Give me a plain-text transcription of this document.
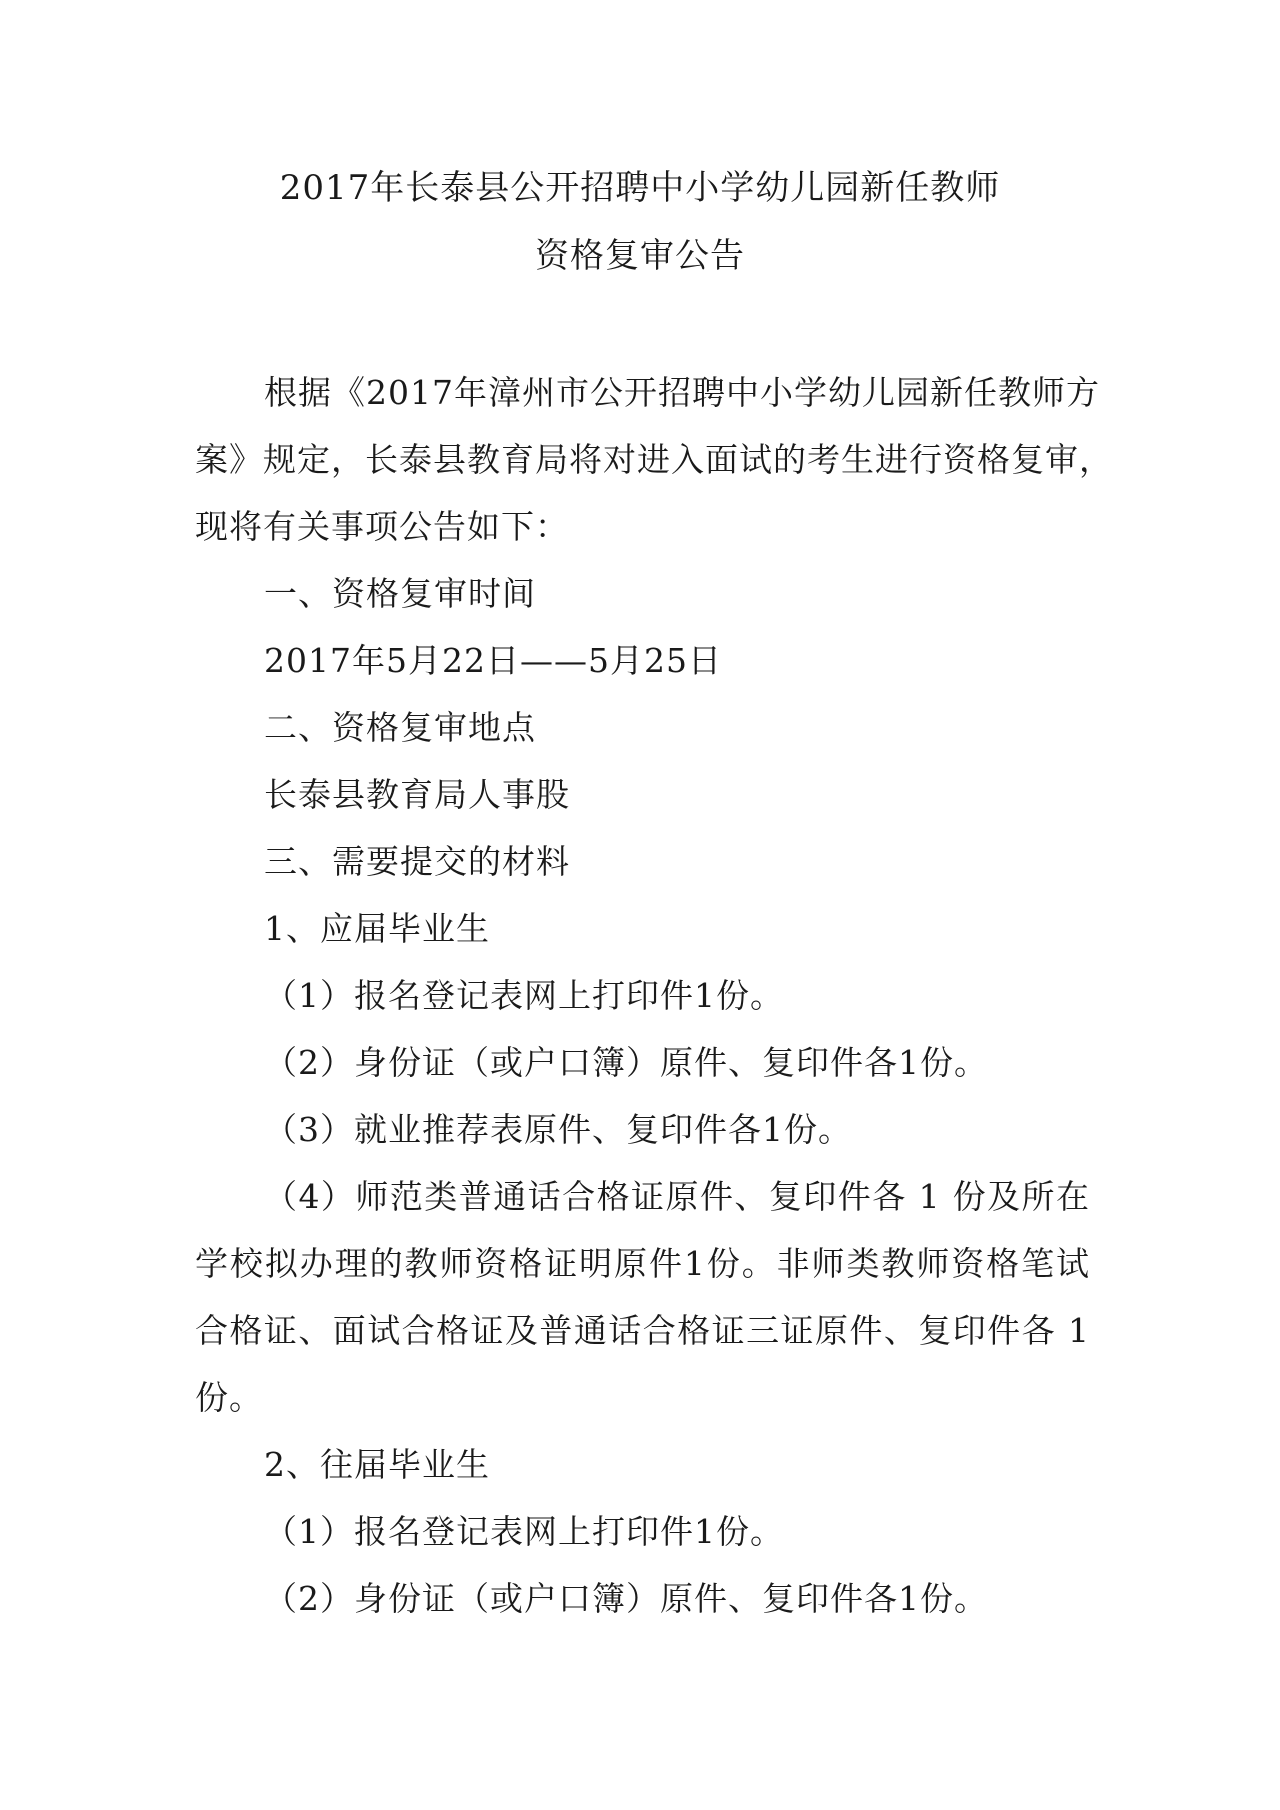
2017年长泰县公开招聘中小学幼儿园新任教师
资格复审公告
根据《2017年漳州市公开招聘中小学幼儿园新任教师方
案》规定，长泰县教育局将对进入面试的考生进行资格复审，
现将有关事项公告如下：
一、资格复审时间
2017年5月22日——5月25日
二、资格复审地点
长泰县教育局人事股
三、需要提交的材料
1、应届毕业生
（1）报名登记表网上打印件1份。
（2）身份证（或户口簿）原件、复印件各1份。
（3）就业推荐表原件、复印件各1份。
（4）师范类普通话合格证原件、复印件各 1 份及所在
学校拟办理的教师资格证明原件1份。非师类教师资格笔试
合格证、面试合格证及普通话合格证三证原件、复印件各 1
份。
2、往届毕业生
（1）报名登记表网上打印件1份。
（2）身份证（或户口簿）原件、复印件各1份。
